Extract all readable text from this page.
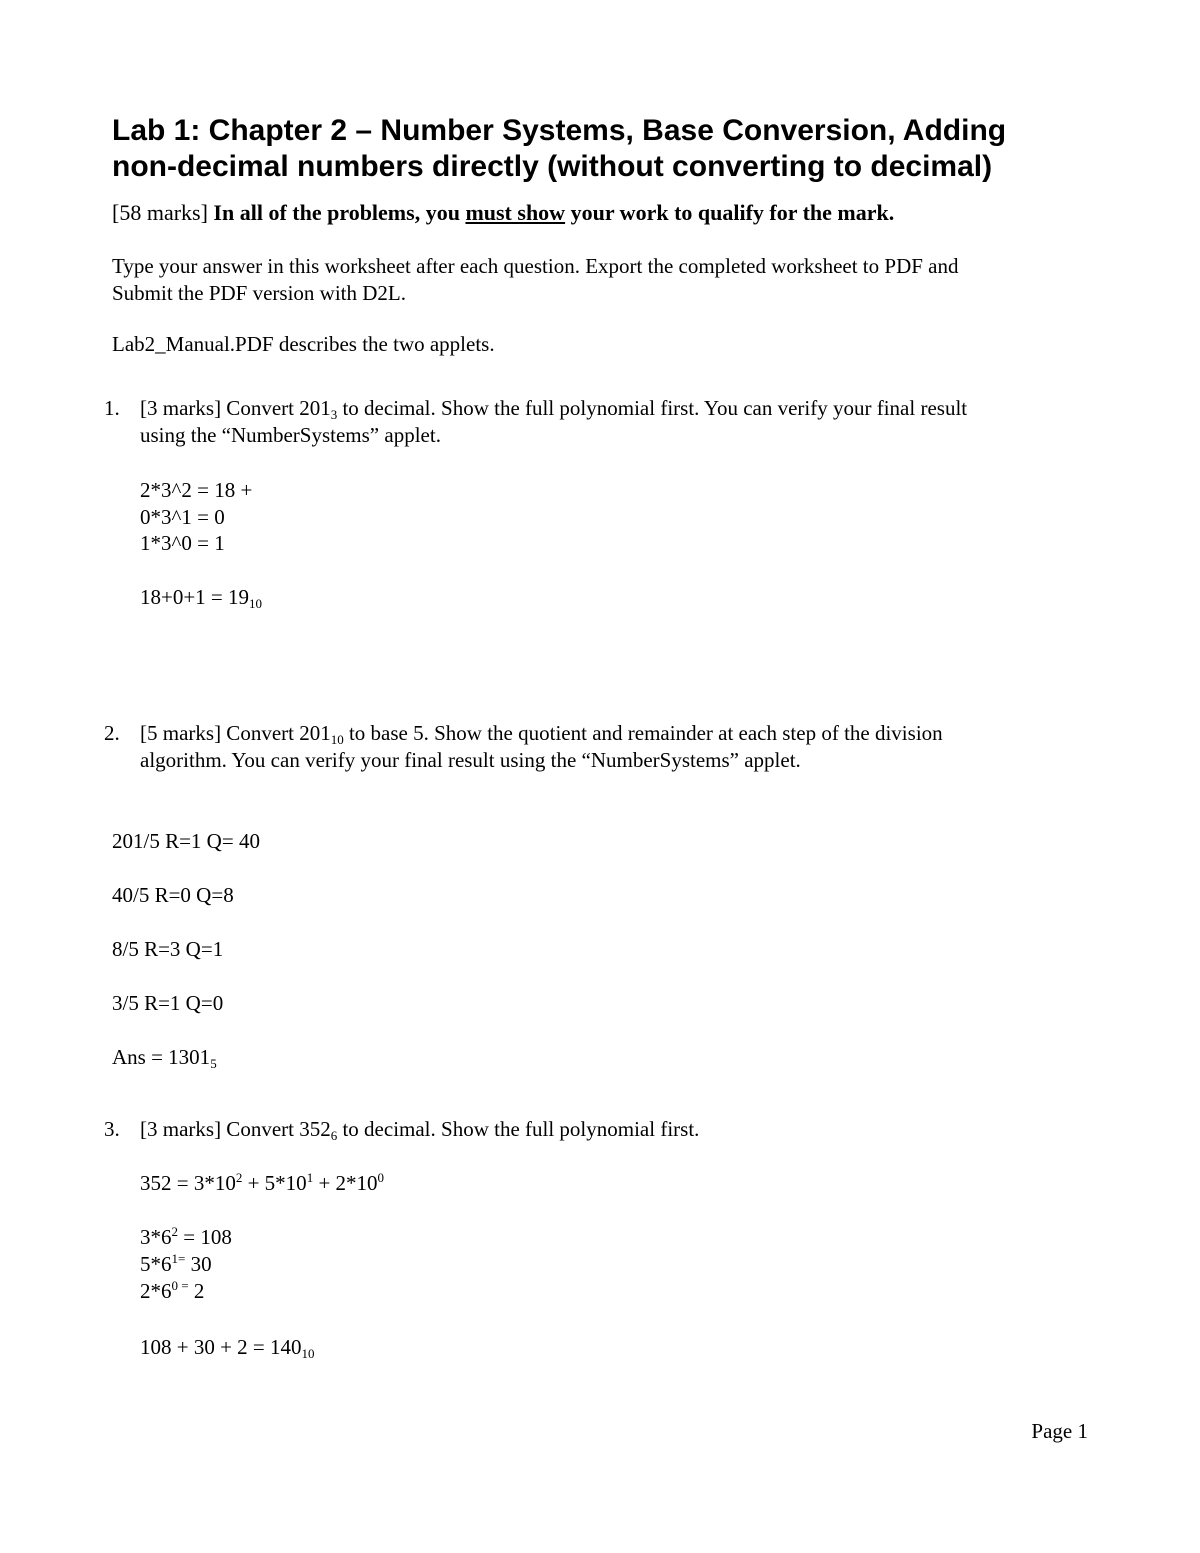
Lab 1: Chapter 2 – Number Systems, Base Conversion, Adding
non-decimal numbers directly (without converting to decimal)
[58 marks] In all of the problems, you must show your work to qualify for the mark.
Type your answer in this worksheet after each question. Export the completed worksheet to PDF and
Submit the PDF version with D2L.
Lab2_Manual.PDF describes the two applets.
1. [3 marks] Convert $201_3$ to decimal. Show the full polynomial first. You can verify your final result
using the “NumberSystems” applet.
2*3^2 = 18 +
0*3^1 = 0
1*3^0 = 1
$18+0+1 = 19_{10}$
2. [5 marks] Convert $201_{10}$ to base 5. Show the quotient and remainder at each step of the division
algorithm. You can verify your final result using the “NumberSystems” applet.
201/5 R=1 Q= 40
40/5 R=0 Q=8
8/5 R=3 Q=1
3/5 R=1 Q=0
Ans = $1301_5$
3. [3 marks] Convert $352_6$ to decimal. Show the full polynomial first.
$352 = 3*10^2 + 5*10^1 + 2*10^0$
$3*6^2 = 108$
$5*6^{1=}$ 30
$2*6^{0 =}$ 2
$108 + 30 + 2 = 140_{10}$
Page 1
